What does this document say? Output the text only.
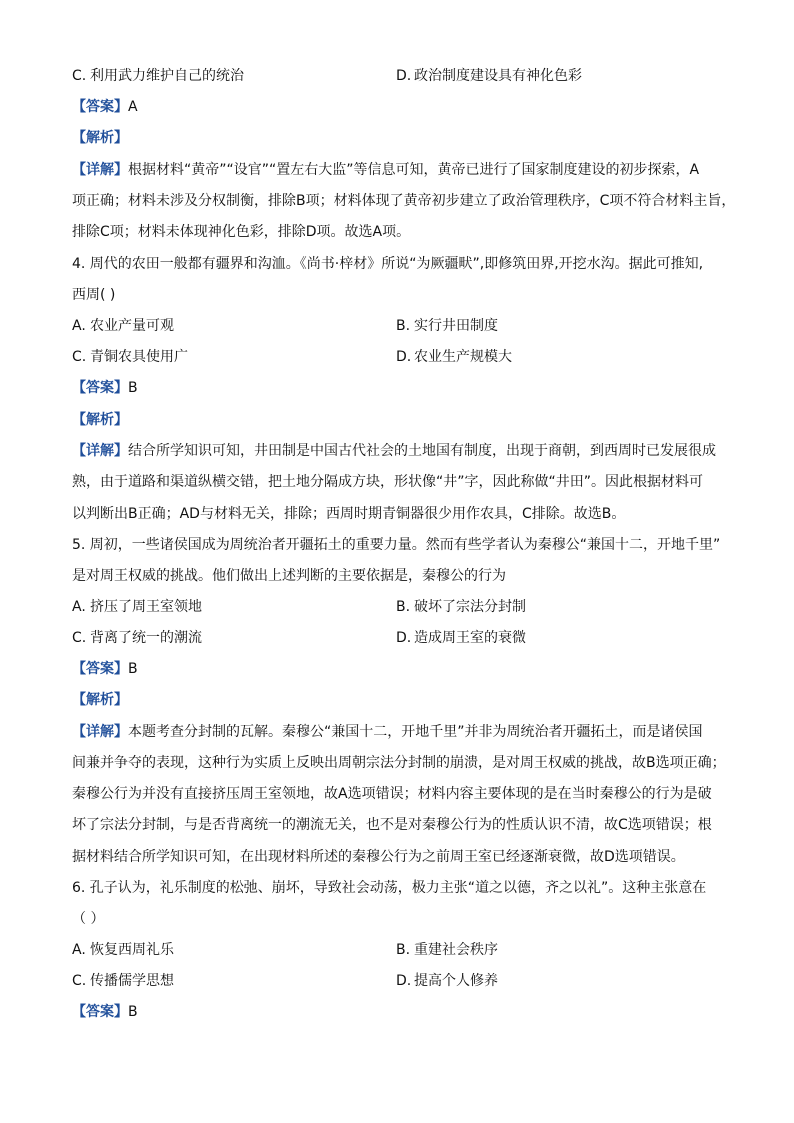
C. 利用武力维护自己的统治	D. 政治制度建设具有神化色彩
【答案】A
【解析】
【详解】根据材料“黄帝”“设官”“置左右大监”等信息可知，黄帝已进行了国家制度建设的初步探索，A
项正确；材料未涉及分权制衡，排除B项；材料体现了黄帝初步建立了政治管理秩序，C项不符合材料主旨，
排除C项；材料未体现神化色彩，排除D项。故选A项。
4. 周代的农田一般都有疆界和沟洫。《尚书·梓材》所说“为厥疆畎”,即修筑田界,开挖水沟。据此可推知,
西周( )
A. 农业产量可观	B. 实行井田制度
C. 青铜农具使用广	D. 农业生产规模大
【答案】B
【解析】
【详解】结合所学知识可知，井田制是中国古代社会的土地国有制度，出现于商朝，到西周时已发展很成
熟，由于道路和渠道纵横交错，把土地分隔成方块，形状像“井”字，因此称做“井田”。因此根据材料可
以判断出B正确；AD与材料无关，排除；西周时期青铜器很少用作农具，C排除。故选B。
5. 周初，一些诸侯国成为周统治者开疆拓土的重要力量。然而有些学者认为秦穆公“兼国十二，开地千里”
是对周王权威的挑战。他们做出上述判断的主要依据是，秦穆公的行为
A. 挤压了周王室领地	B. 破坏了宗法分封制
C. 背离了统一的潮流	D. 造成周王室的衰微
【答案】B
【解析】
【详解】本题考查分封制的瓦解。秦穆公“兼国十二，开地千里”并非为周统治者开疆拓土，而是诸侯国
间兼并争夺的表现，这种行为实质上反映出周朝宗法分封制的崩溃，是对周王权威的挑战，故B选项正确；
秦穆公行为并没有直接挤压周王室领地，故A选项错误；材料内容主要体现的是在当时秦穆公的行为是破
坏了宗法分封制，与是否背离统一的潮流无关，也不是对秦穆公行为的性质认识不清，故C选项错误；根
据材料结合所学知识可知，在出现材料所述的秦穆公行为之前周王室已经逐渐衰微，故D选项错误。
6. 孔子认为，礼乐制度的松弛、崩坏，导致社会动荡，极力主张“道之以德，齐之以礼”。这种主张意在
（ ）
A. 恢复西周礼乐	B. 重建社会秩序
C. 传播儒学思想	D. 提高个人修养
【答案】B
